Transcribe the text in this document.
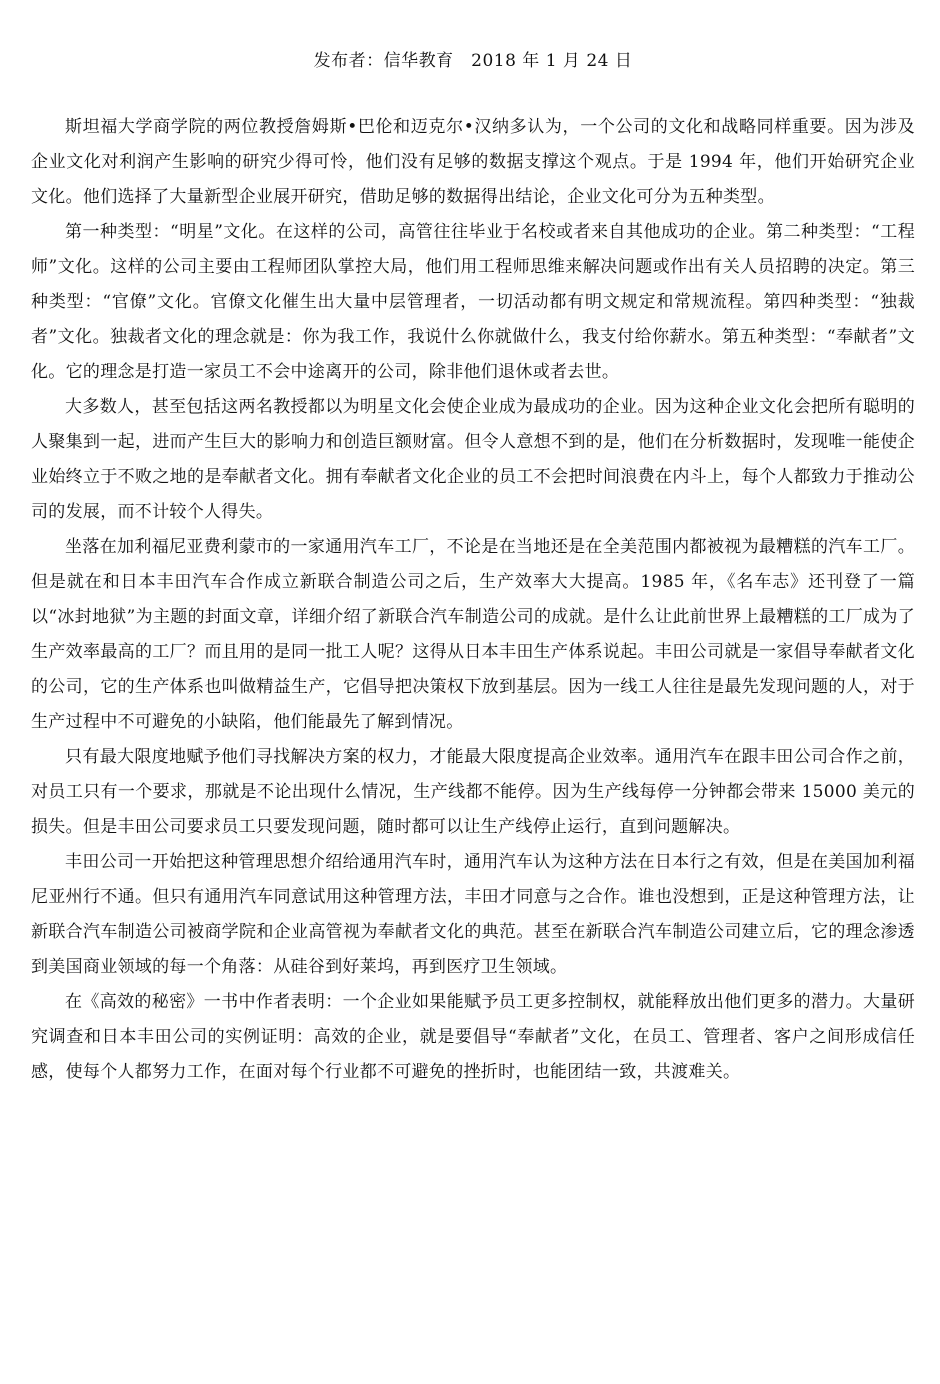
发布者：信华教育　2018 年 1 月 24 日

斯坦福大学商学院的两位教授詹姆斯•巴伦和迈克尔•汉纳多认为，一个公司的文化和战略同样重要。因为涉及企业文化对利润产生影响的研究少得可怜，他们没有足够的数据支撑这个观点。于是 1994 年，他们开始研究企业文化。他们选择了大量新型企业展开研究，借助足够的数据得出结论，企业文化可分为五种类型。

第一种类型：“明星”文化。在这样的公司，高管往往毕业于名校或者来自其他成功的企业。第二种类型：“工程师”文化。这样的公司主要由工程师团队掌控大局，他们用工程师思维来解决问题或作出有关人员招聘的决定。第三种类型：“官僚”文化。官僚文化催生出大量中层管理者，一切活动都有明文规定和常规流程。第四种类型：“独裁者”文化。独裁者文化的理念就是：你为我工作，我说什么你就做什么，我支付给你薪水。第五种类型：“奉献者”文化。它的理念是打造一家员工不会中途离开的公司，除非他们退休或者去世。

大多数人，甚至包括这两名教授都以为明星文化会使企业成为最成功的企业。因为这种企业文化会把所有聪明的人聚集到一起，进而产生巨大的影响力和创造巨额财富。但令人意想不到的是，他们在分析数据时，发现唯一能使企业始终立于不败之地的是奉献者文化。拥有奉献者文化企业的员工不会把时间浪费在内斗上，每个人都致力于推动公司的发展，而不计较个人得失。

坐落在加利福尼亚费利蒙市的一家通用汽车工厂，不论是在当地还是在全美范围内都被视为最糟糕的汽车工厂。但是就在和日本丰田汽车合作成立新联合制造公司之后，生产效率大大提高。1985 年，《名车志》还刊登了一篇以“冰封地狱”为主题的封面文章，详细介绍了新联合汽车制造公司的成就。是什么让此前世界上最糟糕的工厂成为了生产效率最高的工厂？而且用的是同一批工人呢？这得从日本丰田生产体系说起。丰田公司就是一家倡导奉献者文化的公司，它的生产体系也叫做精益生产，它倡导把决策权下放到基层。因为一线工人往往是最先发现问题的人，对于生产过程中不可避免的小缺陷，他们能最先了解到情况。

只有最大限度地赋予他们寻找解决方案的权力，才能最大限度提高企业效率。通用汽车在跟丰田公司合作之前，对员工只有一个要求，那就是不论出现什么情况，生产线都不能停。因为生产线每停一分钟都会带来 15000 美元的损失。但是丰田公司要求员工只要发现问题，随时都可以让生产线停止运行，直到问题解决。

丰田公司一开始把这种管理思想介绍给通用汽车时，通用汽车认为这种方法在日本行之有效，但是在美国加利福尼亚州行不通。但只有通用汽车同意试用这种管理方法，丰田才同意与之合作。谁也没想到，正是这种管理方法，让新联合汽车制造公司被商学院和企业高管视为奉献者文化的典范。甚至在新联合汽车制造公司建立后，它的理念渗透到美国商业领域的每一个角落：从硅谷到好莱坞，再到医疗卫生领域。

在《高效的秘密》一书中作者表明：一个企业如果能赋予员工更多控制权，就能释放出他们更多的潜力。大量研究调查和日本丰田公司的实例证明：高效的企业，就是要倡导“奉献者”文化，在员工、管理者、客户之间形成信任感，使每个人都努力工作，在面对每个行业都不可避免的挫折时，也能团结一致，共渡难关。
